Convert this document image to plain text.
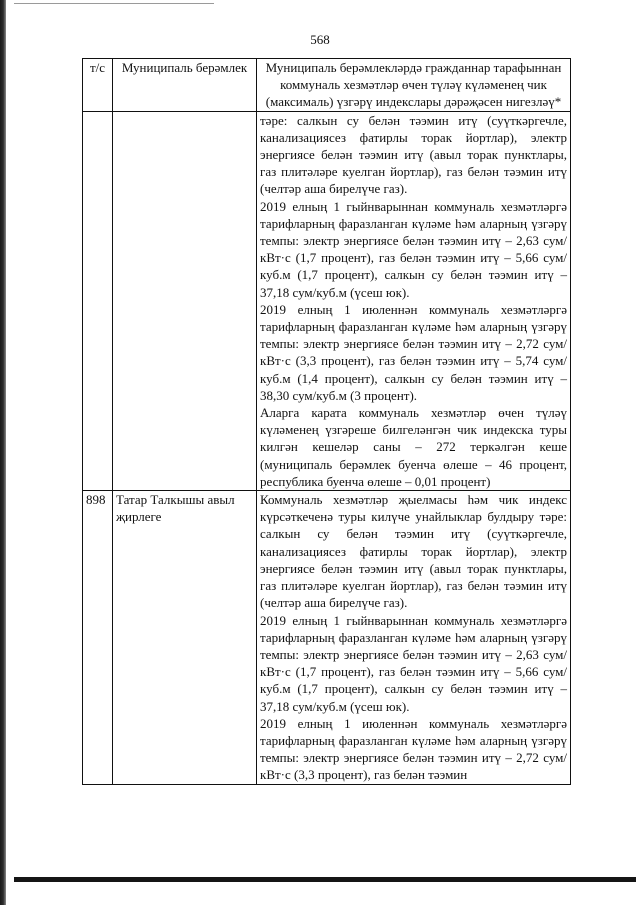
568
т/с	Муниципаль берәмлек	Муниципаль берәмлекләрдә гражданнар тарафыннан коммуналь хезмәтләр өчен түләү күләменең чик (максималь) үзгәрү индекслары дәрәҗәсен нигезләү*

		тәре: салкын су белән тәэмин итү (суүткәргечле, канализациясез фатирлы торак йортлар), электр энергиясе белән тәэмин итү (авыл торак пунктлары, газ плитәләре куелган йортлар), газ белән тәэмин итү (челтәр аша бирелүче газ).

2019 елның 1 гыйнварыннан коммуналь хезмәтләргә тарифларның фаразланган күләме һәм аларның үзгәрү темпы: электр энергиясе белән тәэмин итү – 2,63 сум/кВт·с (1,7 процент), газ белән тәэмин итү – 5,66 сум/куб.м (1,7 процент), салкын су белән тәэмин итү – 37,18 сум/куб.м (үсеш юк).

2019 елның 1 июленнән коммуналь хезмәтләргә тарифларның фаразланган күләме һәм аларның үзгәрү темпы: электр энергиясе белән тәэмин итү – 2,72 сум/кВт·с (3,3 процент), газ белән тәэмин итү – 5,74 сум/куб.м (1,4 процент), салкын су белән тәэмин итү – 38,30 сум/куб.м (3 процент).

Аларга карата коммуналь хезмәтләр өчен түләү күләменең үзгәреше билгеләнгән чик индекска туры килгән кешеләр саны – 272 теркәлгән кеше (муниципаль берәмлек буенча өлеше – 46 процент, республика буенча өлеше – 0,01 процент)

898	Татар Талкышы авыл җирлеге	Коммуналь хезмәтләр җыелмасы һәм чик индекс күрсәткеченә туры килүче унайлыклар булдыру тәре: салкын су белән тәэмин итү (суүткәргечле, канализациясез фатирлы торак йортлар), электр энергиясе белән тәэмин итү (авыл торак пунктлары, газ плитәләре куелган йортлар), газ белән тәэмин итү (челтәр аша бирелүче газ).

2019 елның 1 гыйнварыннан коммуналь хезмәтләргә тарифларның фаразланган күләме һәм аларның үзгәрү темпы: электр энергиясе белән тәэмин итү – 2,63 сум/кВт·с (1,7 процент), газ белән тәэмин итү – 5,66 сум/куб.м (1,7 процент), салкын су белән тәэмин итү – 37,18 сум/куб.м (үсеш юк).

2019 елның 1 июленнән коммуналь хезмәтләргә тарифларның фаразланган күләме һәм аларның үзгәрү темпы: электр энергиясе белән тәэмин итү – 2,72 сум/кВт·с (3,3 процент), газ белән тәэмин
